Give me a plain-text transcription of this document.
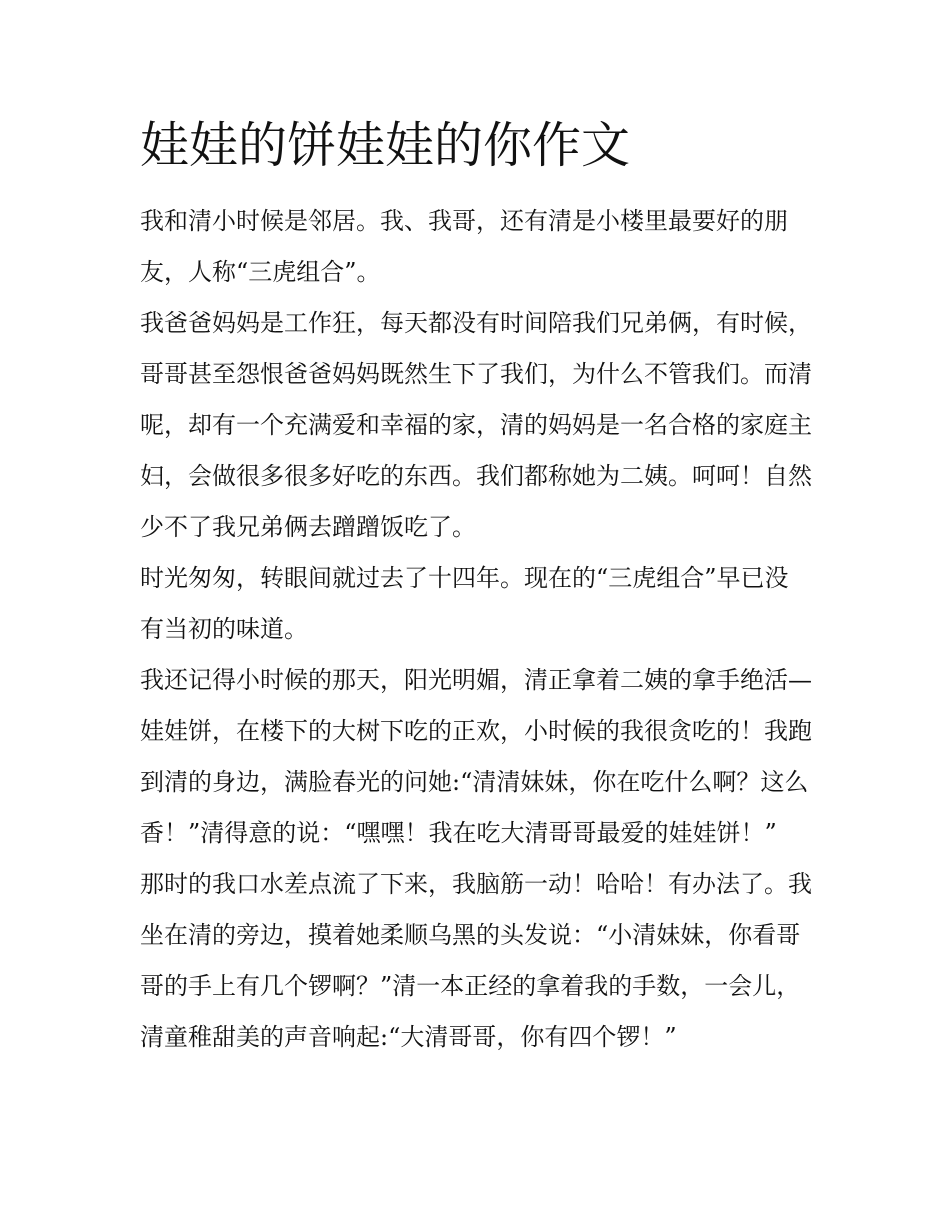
娃娃的饼娃娃的你作文

我和清小时候是邻居。我、我哥，还有清是小楼里最要好的朋友，人称“三虎组合”。

我爸爸妈妈是工作狂，每天都没有时间陪我们兄弟俩，有时候，哥哥甚至怨恨爸爸妈妈既然生下了我们，为什么不管我们。而清呢，却有一个充满爱和幸福的家，清的妈妈是一名合格的家庭主妇，会做很多很多好吃的东西。我们都称她为二姨。呵呵！自然少不了我兄弟俩去蹭蹭饭吃了。

时光匆匆，转眼间就过去了十四年。现在的“三虎组合”早已没有当初的味道。

我还记得小时候的那天，阳光明媚，清正拿着二姨的拿手绝活—娃娃饼，在楼下的大树下吃的正欢，小时候的我很贪吃的！我跑到清的身边，满脸春光的问她:“清清妹妹，你在吃什么啊？这么香！”清得意的说：“嘿嘿！我在吃大清哥哥最爱的娃娃饼！”

那时的我口水差点流了下来，我脑筋一动！哈哈！有办法了。我坐在清的旁边，摸着她柔顺乌黑的头发说：“小清妹妹，你看哥哥的手上有几个锣啊？”清一本正经的拿着我的手数，一会儿，清童稚甜美的声音响起:“大清哥哥，你有四个锣！”
